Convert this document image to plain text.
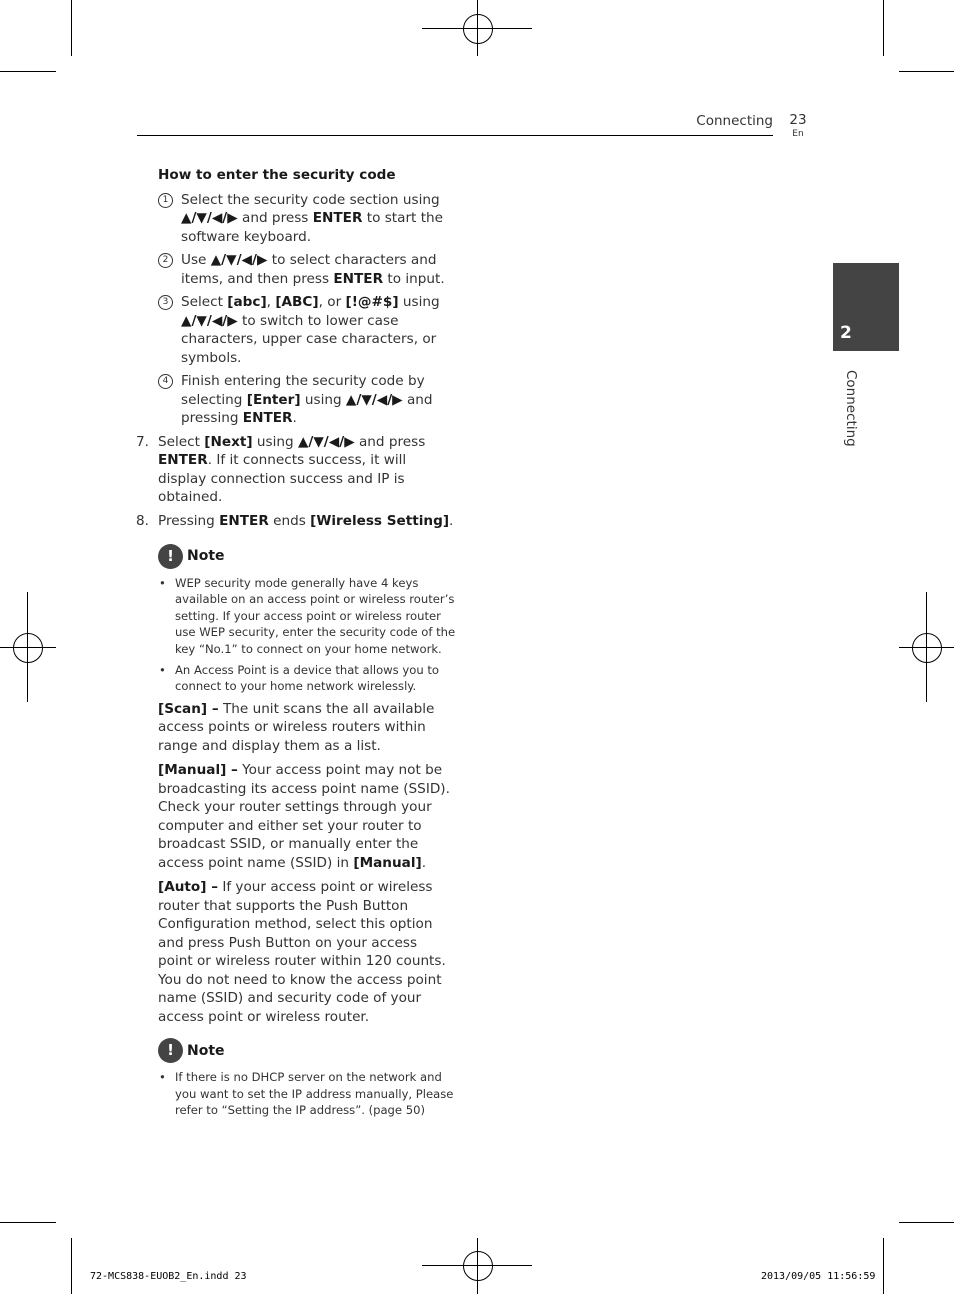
Connecting	23
En
2
Connecting

How to enter the security code

1 Select the security code section using ▲/▼/◀/▶ and press ENTER to start the software keyboard.

2 Use ▲/▼/◀/▶ to select characters and items, and then press ENTER to input.

3 Select [abc], [ABC], or [!@#$] using ▲/▼/◀/▶ to switch to lower case characters, upper case characters, or symbols.

4 Finish entering the security code by selecting [Enter] using ▲/▼/◀/▶ and pressing ENTER.

7. Select [Next] using ▲/▼/◀/▶ and press ENTER. If it connects success, it will display connection success and IP is obtained.

8. Pressing ENTER ends [Wireless Setting].

! Note

• WEP security mode generally have 4 keys available on an access point or wireless router’s setting. If your access point or wireless router use WEP security, enter the security code of the key “No.1” to connect on your home network.

• An Access Point is a device that allows you to connect to your home network wirelessly.

[Scan] – The unit scans the all available access points or wireless routers within range and display them as a list.

[Manual] – Your access point may not be broadcasting its access point name (SSID). Check your router settings through your computer and either set your router to broadcast SSID, or manually enter the access point name (SSID) in [Manual].

[Auto] – If your access point or wireless router that supports the Push Button Configuration method, select this option and press Push Button on your access point or wireless router within 120 counts. You do not need to know the access point name (SSID) and security code of your access point or wireless router.

! Note

• If there is no DHCP server on the network and you want to set the IP address manually, Please refer to “Setting the IP address”. (page 50)

72-MCS838-EUOB2_En.indd 23	2013/09/05 11:56:59
